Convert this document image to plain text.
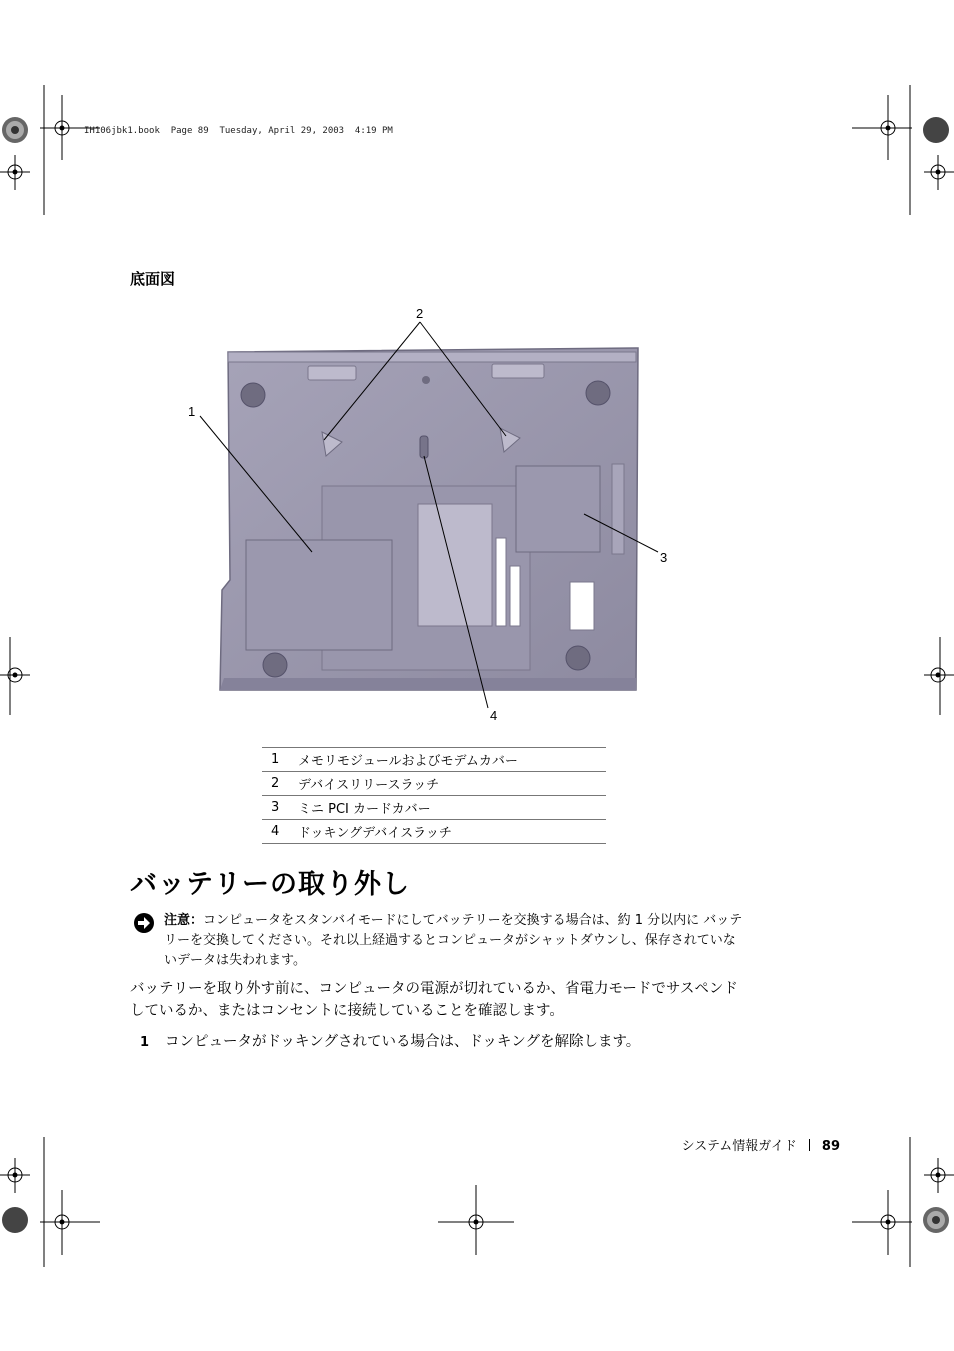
IH106jbk1.book  Page 89  Tuesday, April 29, 2003  4:19 PM
底面図
2
1
3
4
1	メモリモジュールおよびモデムカバー
2	デバイスリリースラッチ
3	ミニ PCI カードカバー
4	ドッキングデバイスラッチ
バッテリーの取り外し
注意：コンピュータをスタンバイモードにしてバッテリーを交換する場合は、約 1 分以内に バッテリーを交換してください。それ以上経過するとコンピュータがシャットダウンし、保存されていないデータは失われます。
バッテリーを取り外す前に、コンピュータの電源が切れているか、省電力モードでサスペンドしているか、またはコンセントに接続していることを確認します。
1 コンピュータがドッキングされている場合は、ドッキングを解除します。
システム情報ガイド 89
